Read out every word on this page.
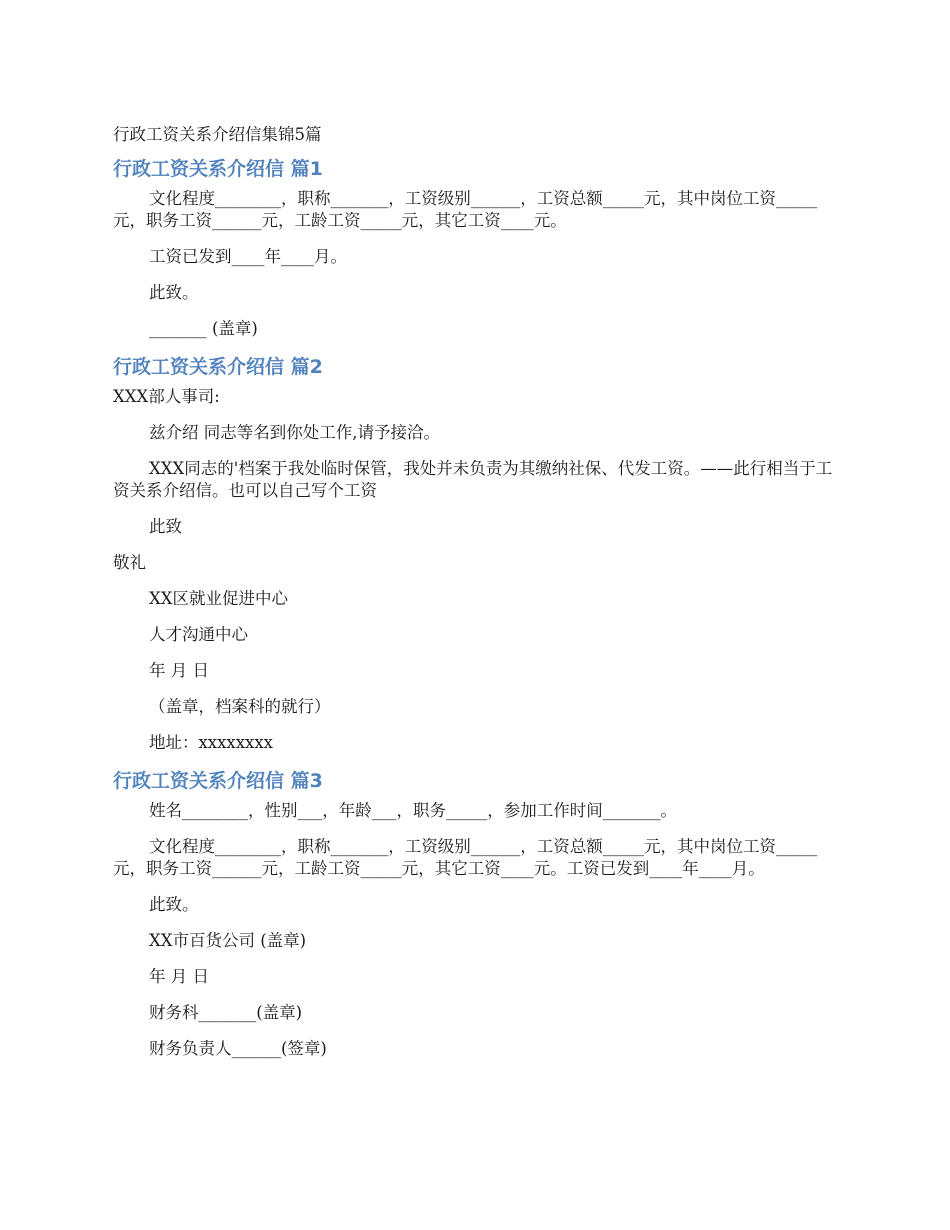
行政工资关系介绍信集锦5篇
行政工资关系介绍信 篇1
文化程度________，职称_______，工资级别______，工资总额_____元，其中岗位工资_____元，职务工资______元，工龄工资_____元，其它工资____元。
工资已发到____年____月。
此致。
_______ (盖章)
行政工资关系介绍信 篇2
XXX部人事司:
兹介绍 同志等名到你处工作,请予接洽。
XXX同志的'档案于我处临时保管，我处并未负责为其缴纳社保、代发工资。——此行相当于工资关系介绍信。也可以自己写个工资
此致
敬礼
XX区就业促进中心
人才沟通中心
年 月 日
（盖章，档案科的就行）
地址：xxxxxxxx
行政工资关系介绍信 篇3
姓名________，性别___，年龄___，职务_____，参加工作时间_______。
文化程度________，职称_______，工资级别______，工资总额_____元，其中岗位工资_____元，职务工资______元，工龄工资_____元，其它工资____元。工资已发到____年____月。
此致。
XX市百货公司 (盖章)
年 月 日
财务科_______(盖章)
财务负责人______(签章)
